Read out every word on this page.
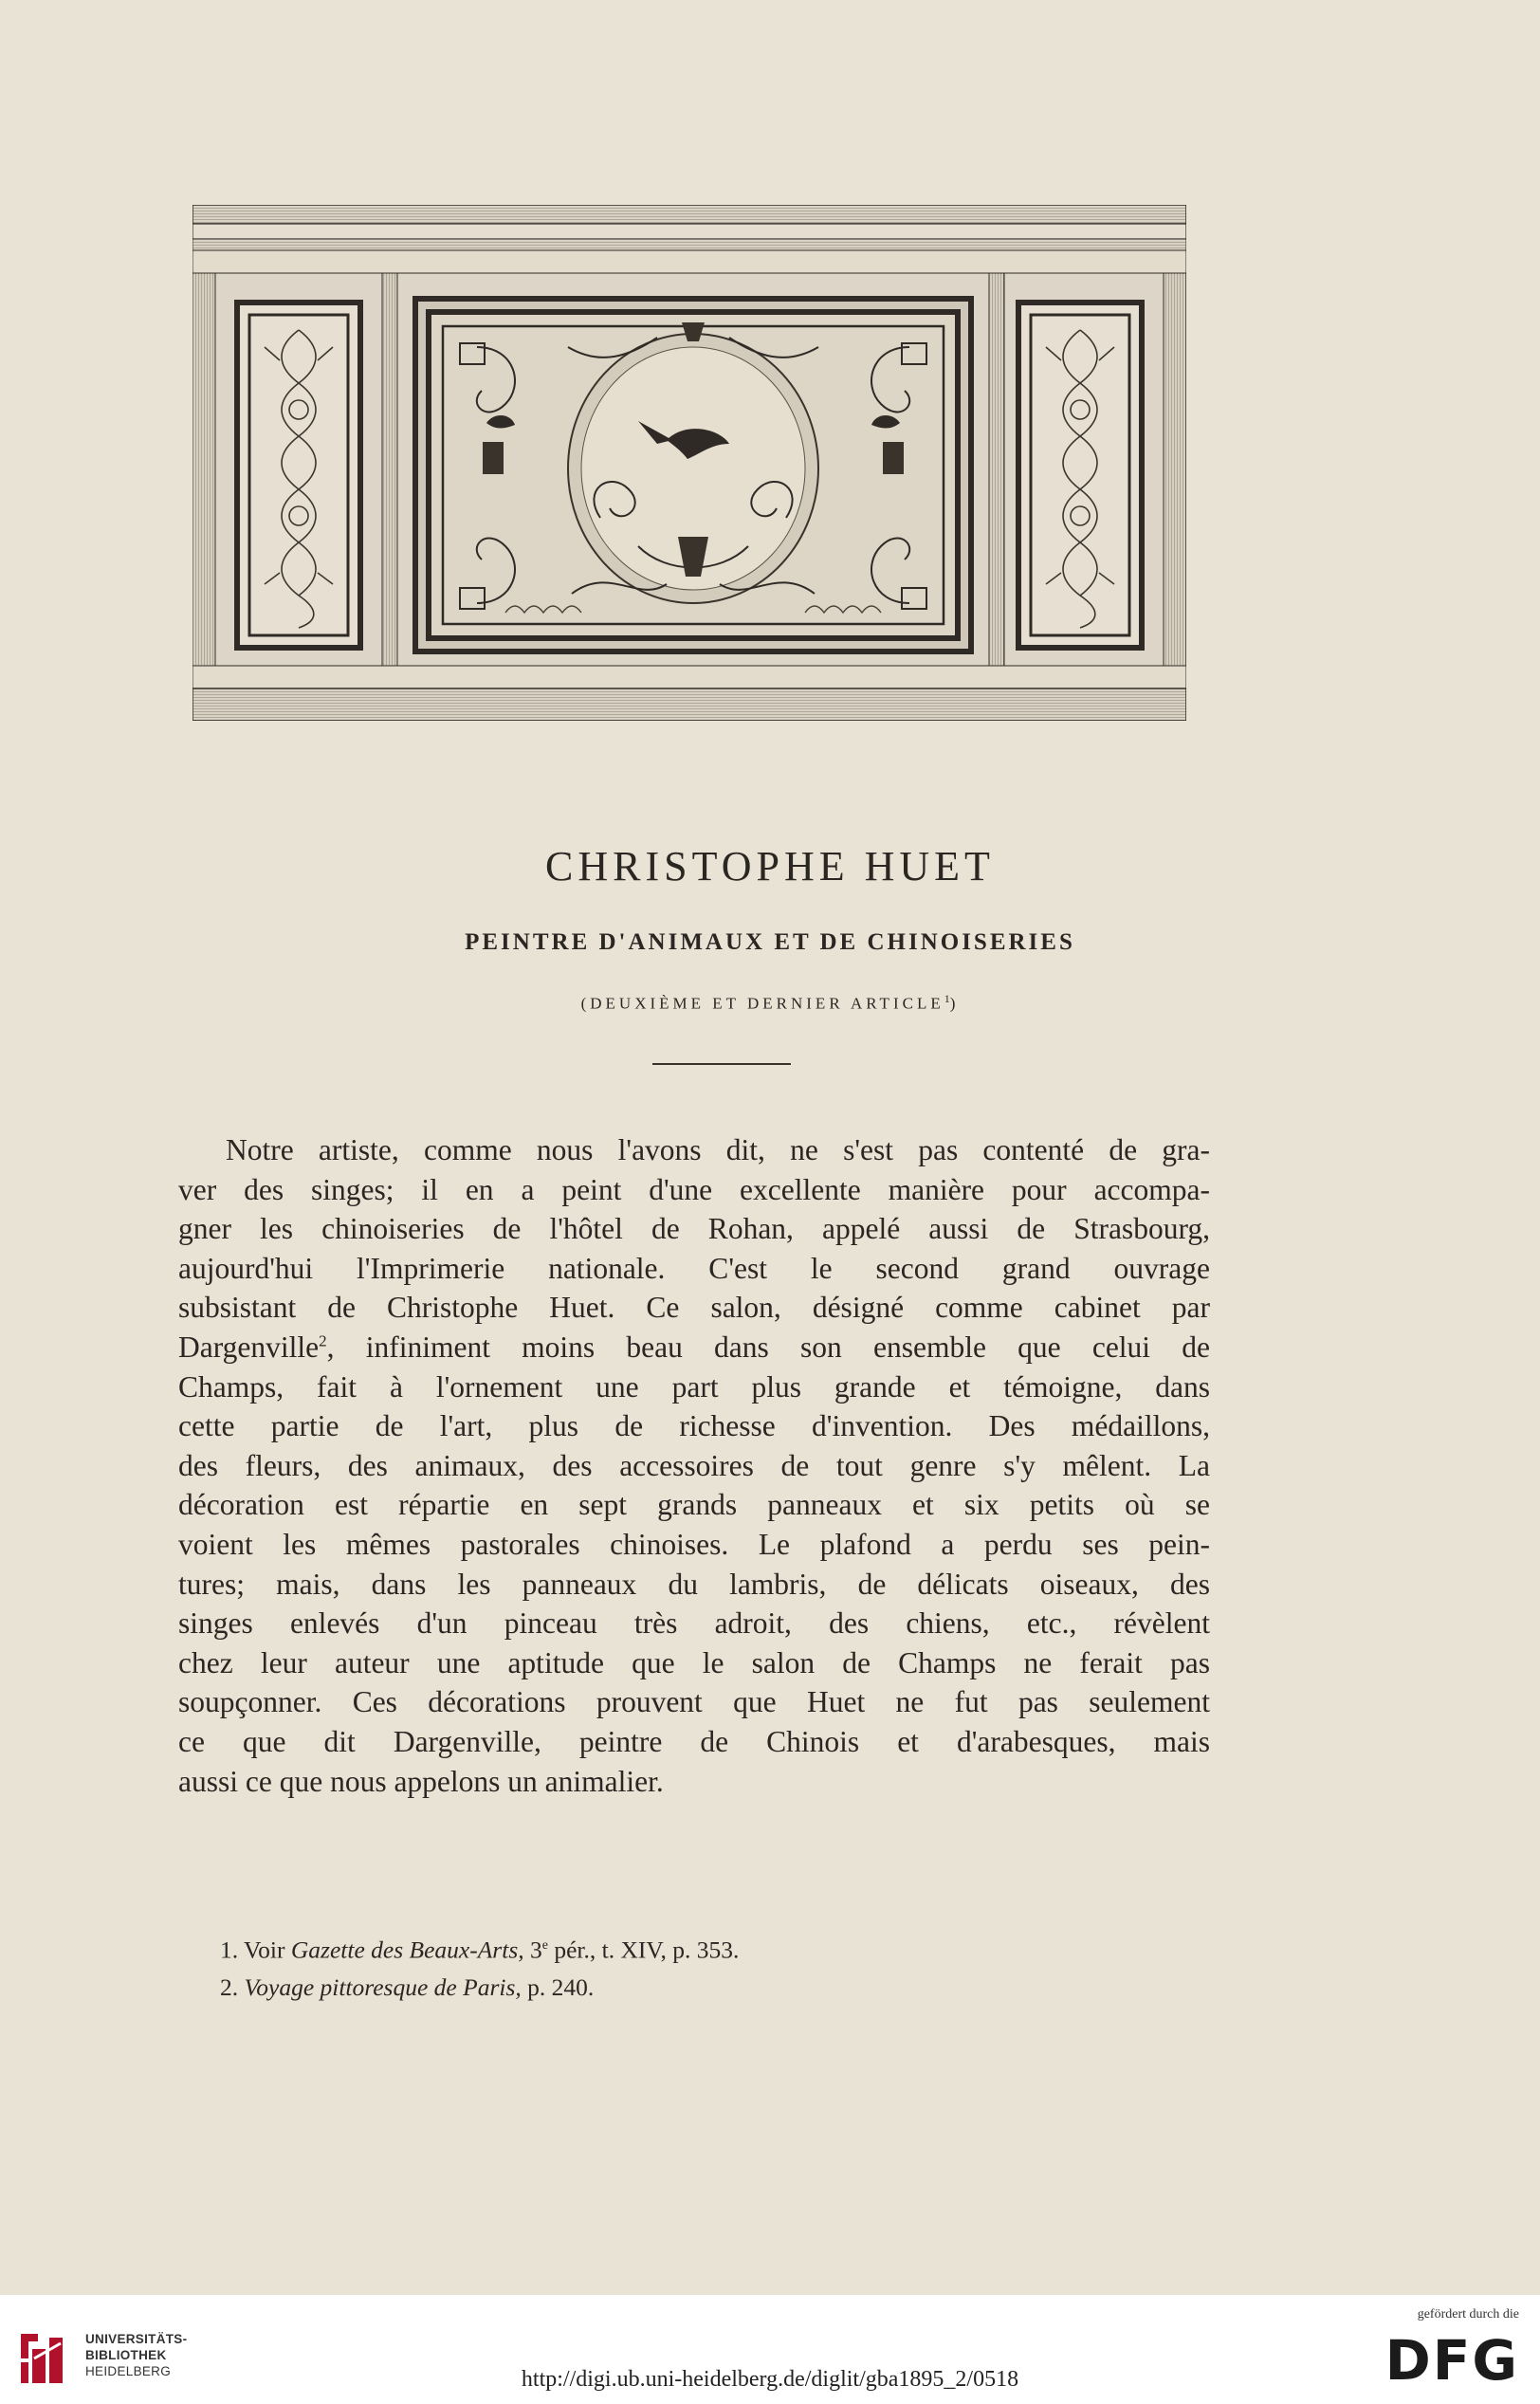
CHRISTOPHE HUET
PEINTRE D'ANIMAUX ET DE CHINOISERIES

(DEUXIÈME ET DERNIER ARTICLE$^1$)

Notre artiste, comme nous l'avons dit, ne s'est pas contenté de gra-
ver des singes; il en a peint d'une excellente manière pour accompa-
gner les chinoiseries de l'hôtel de Rohan, appelé aussi de Strasbourg,
aujourd'hui l'Imprimerie nationale. C'est le second grand ouvrage
subsistant de Christophe Huet. Ce salon, désigné comme cabinet par
Dargenville$^2$, infiniment moins beau dans son ensemble que celui de
Champs, fait à l'ornement une part plus grande et témoigne, dans
cette partie de l'art, plus de richesse d'invention. Des médaillons,
des fleurs, des animaux, des accessoires de tout genre s'y mêlent. La
décoration est répartie en sept grands panneaux et six petits où se
voient les mêmes pastorales chinoises. Le plafond a perdu ses pein-
tures; mais, dans les panneaux du lambris, de délicats oiseaux, des
singes enlevés d'un pinceau très adroit, des chiens, etc., révèlent
chez leur auteur une aptitude que le salon de Champs ne ferait pas
soupçonner. Ces décorations prouvent que Huet ne fut pas seulement
ce que dit Dargenville, peintre de Chinois et d'arabesques, mais
aussi ce que nous appelons un animalier.
1. Voir Gazette des Beaux-Arts, 3e pér., t. XIV, p. 353.
2. Voyage pittoresque de Paris, p. 240.
UNIVERSITÄTS-
BIBLIOTHEK
HEIDELBERG	http://digi.ub.uni-heidelberg.de/diglit/gba1895_2/0518
gefördert durch die
DFG
